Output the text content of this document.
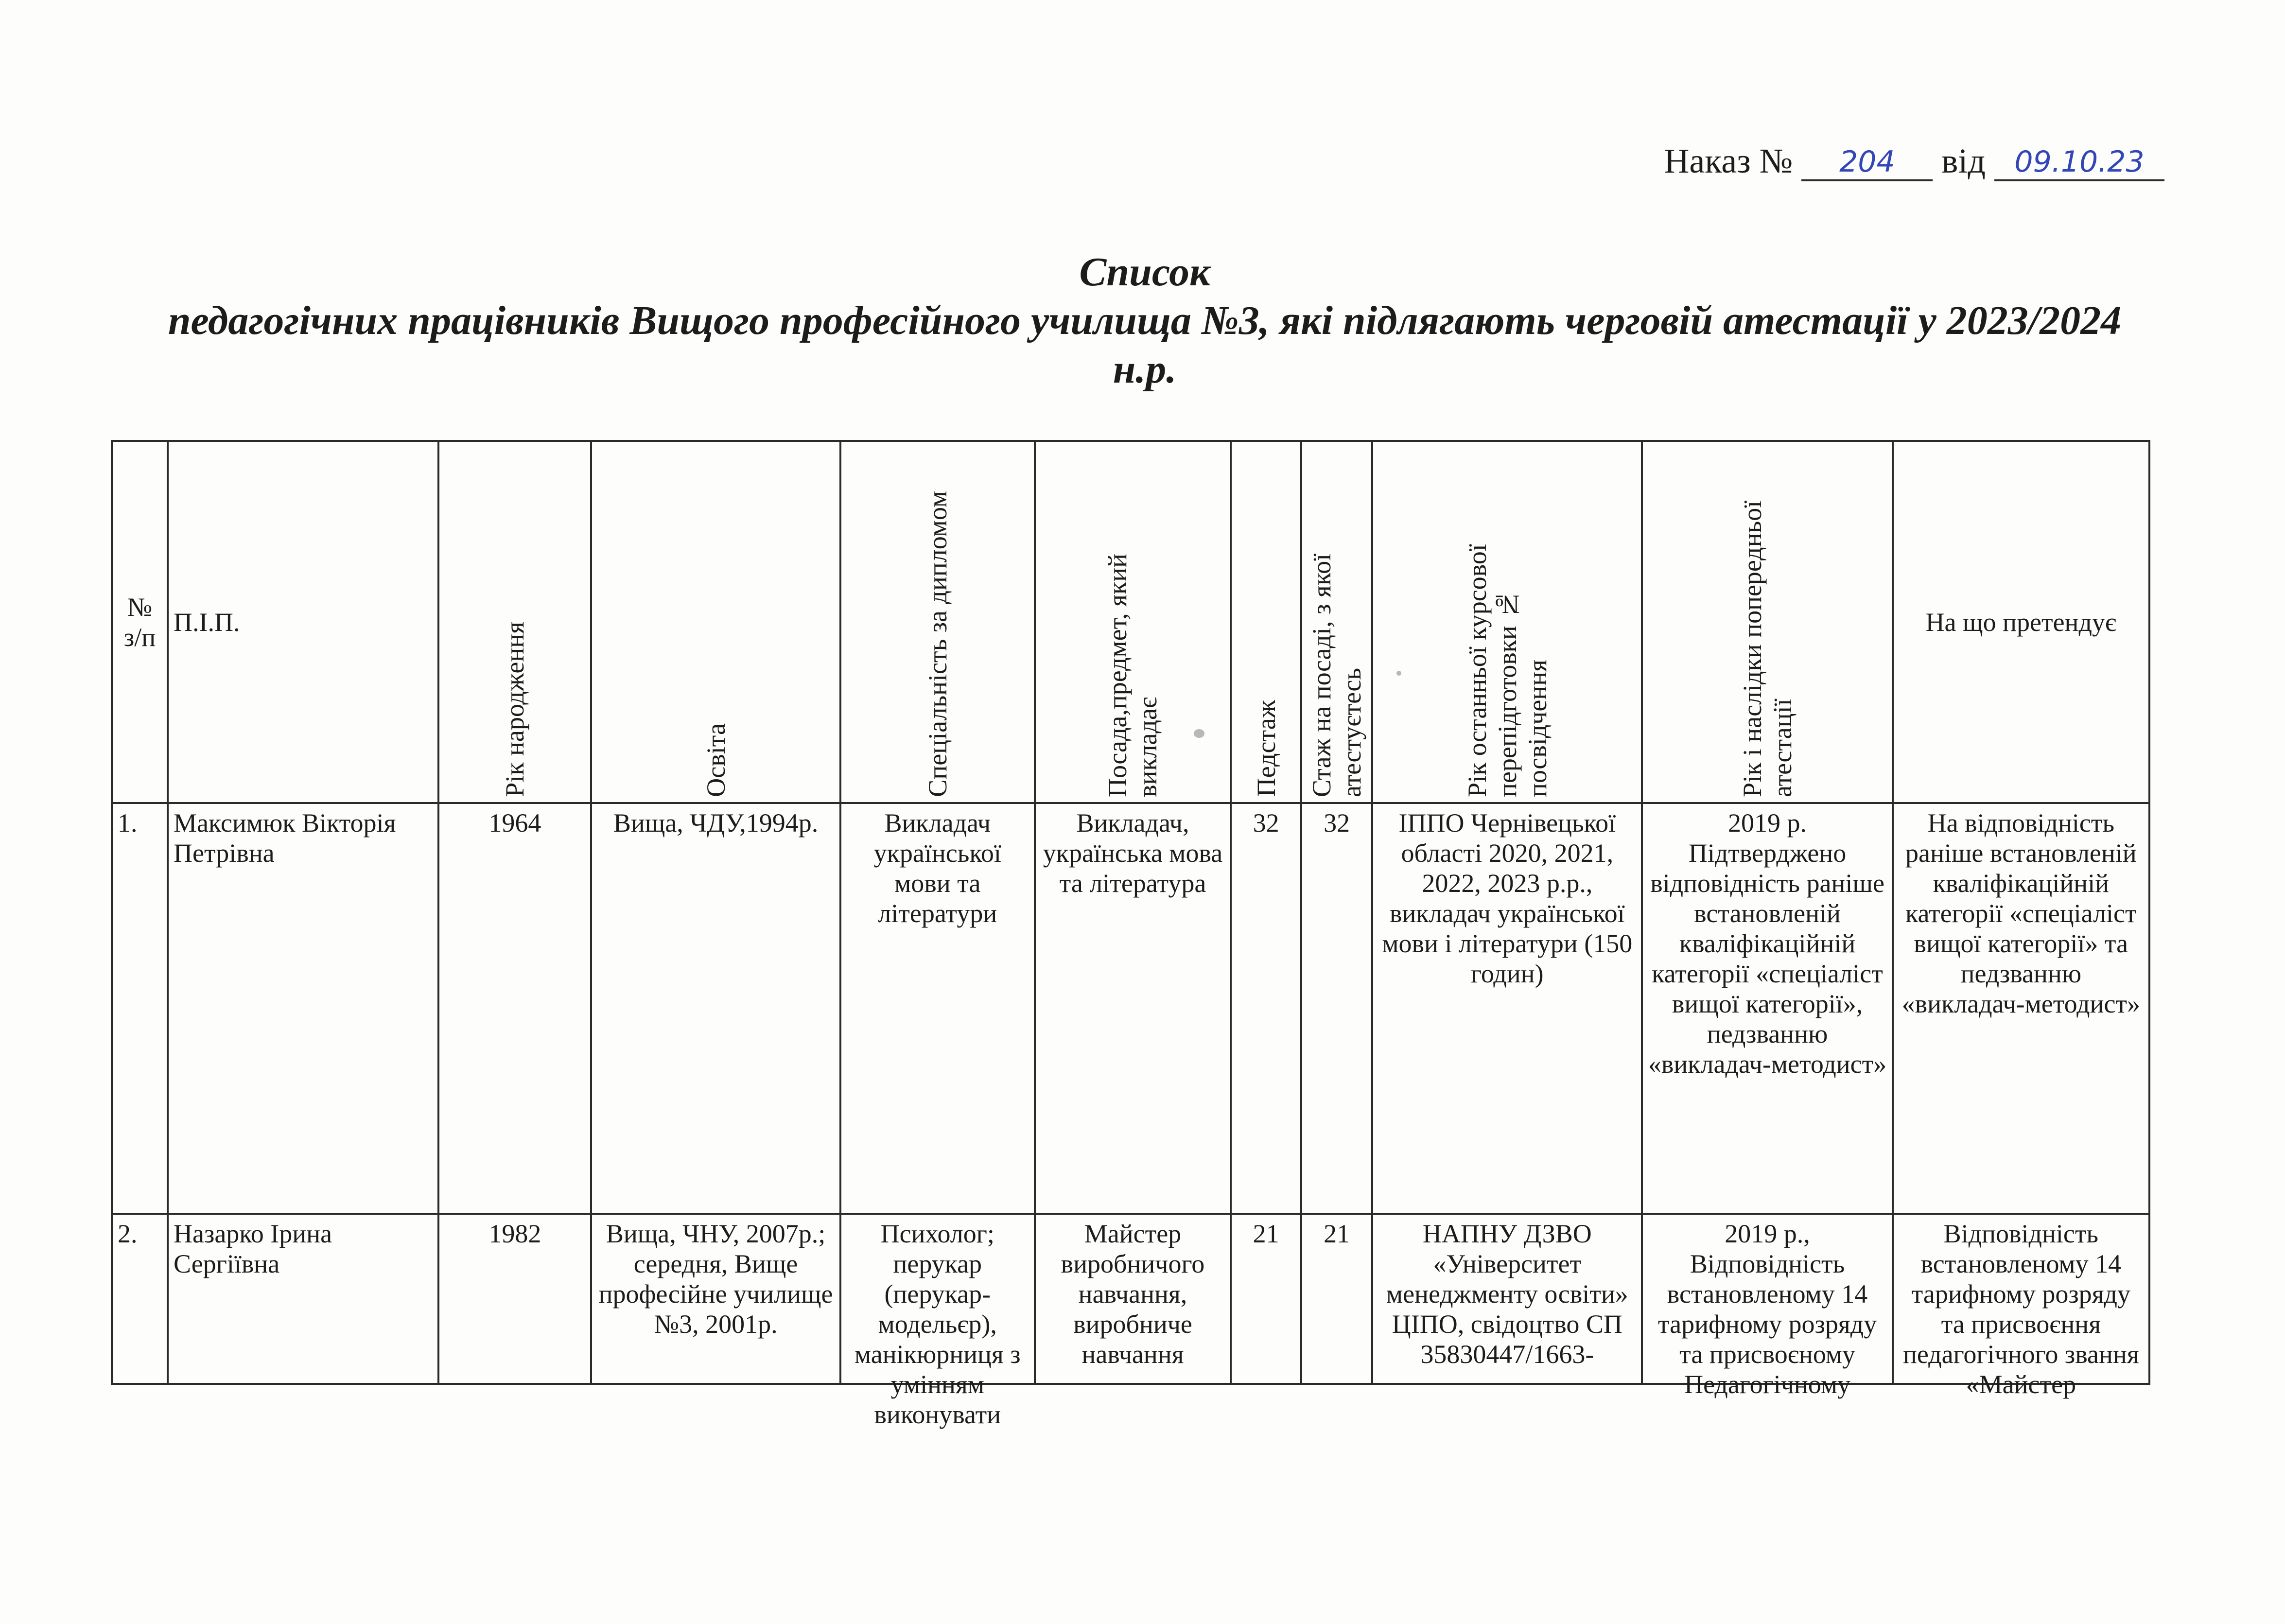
Наказ №	204	від 09.10.23
Список
педагогічних працівників Вищого професійного училища №3, які підлягають черговій атестації у 2023/2024 н.р.
№ з/п	П.І.П.	Рік народження	Освіта	Спеціальність за дипломом	Посада,предмет, який викладає	Педстаж	Стаж на посаді, з якої атестуєтесь	Рік останньої курсової перепідготовки № посвідчення	Рік і наслідки попередньої атестації	На що претендує
1.	Максимюк Вікторія Петрівна	1964	Вища, ЧДУ,1994р.	Викладач української мови та літератури	Викладач, українська мова та література	32	32	ІППО Чернівецької області 2020, 2021, 2022, 2023 р.р., викладач української мови і літератури (150 годин)	2019 р. Підтверджено відповідність раніше встановленій кваліфікаційній категорії «спеціаліст вищої категорії», педзванню «викладач-методист»	На відповідність раніше встановленій кваліфікаційній категорії «спеціаліст вищої категорії» та педзванню «викладач-методист»

2.	Назарко Ірина Сергіївна	1982	Вища, ЧНУ, 2007р.; середня, Вище професійне училище №3, 2001р.	Психолог; перукар (перукар-модельєр), манікюрниця з умінням виконувати	Майстер виробничого навчання, виробниче навчання	21	21	НАПНУ ДЗВО «Університет менеджменту освіти» ЦІПО, свідоцтво СП 35830447/1663-	2019 р., Відповідність встановленому 14 тарифному розряду та присвоєному Педагогічному	Відповідність встановленому 14 тарифному розряду та присвоєння педагогічного звання «Майстер
